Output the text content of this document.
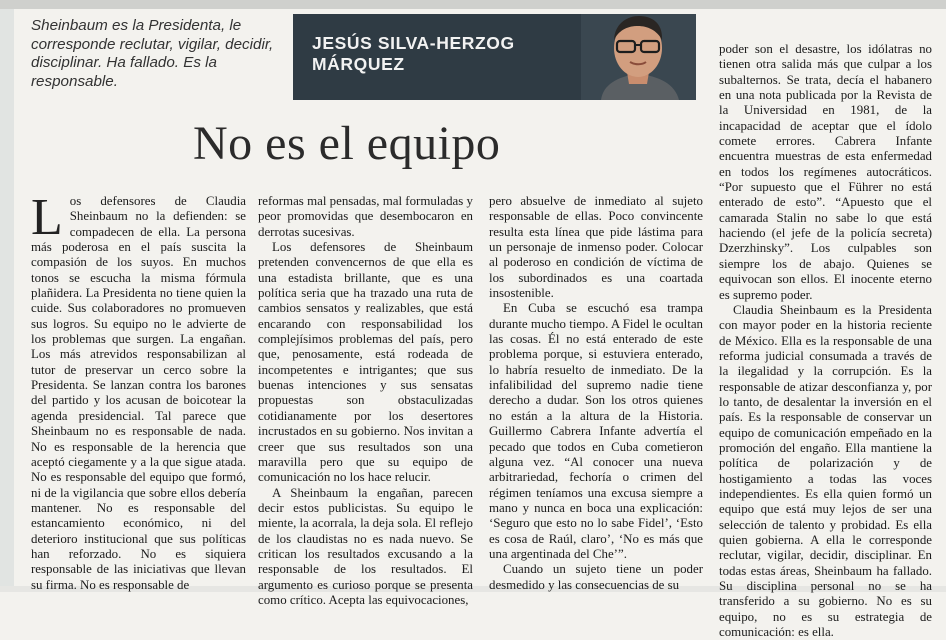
Sheinbaum es la Presidenta, le corresponde reclutar, vigilar, decidir, disciplinar. Ha fallado. Es la responsable.
JESÚS SILVA-HERZOG
MÁRQUEZ
No es el equipo

Los defensores de Claudia Sheinbaum no la defienden: se compadecen de ella. La persona más poderosa en el país suscita la compasión de los suyos. En muchos tonos se escucha la misma fórmula plañidera. La Presidenta no tiene quien la cuide. Sus colaboradores no promueven sus logros. Su equipo no le advierte de los problemas que surgen. La engañan. Los más atrevidos responsabilizan al tutor de preservar un cerco sobre la Presidenta. Se lanzan contra los barones del partido y los acusan de boicotear la agenda presidencial. Tal parece que Sheinbaum no es responsable de nada. No es responsable de la herencia que aceptó ciegamente y a la que sigue atada. No es responsable del equipo que formó, ni de la vigilancia que sobre ellos debería mantener. No es responsable del estancamiento económico, ni del deterioro institucional que sus políticas han reforzado. No es siquiera responsable de las iniciativas que llevan su firma. No es responsable de

reformas mal pensadas, mal formuladas y peor promovidas que desembocaron en derrotas sucesivas.

Los defensores de Sheinbaum pretenden convencernos de que ella es una estadista brillante, que es una política seria que ha trazado una ruta de cambios sensatos y realizables, que está encarando con responsabilidad los complejísimos problemas del país, pero que, penosamente, está rodeada de incompetentes e intrigantes; que sus buenas intenciones y sus sensatas propuestas son obstaculizadas cotidianamente por los desertores incrustados en su gobierno. Nos invitan a creer que sus resultados son una maravilla pero que su equipo de comunicación no los hace relucir.

A Sheinbaum la engañan, parecen decir estos publicistas. Su equipo le miente, la acorrala, la deja sola. El reflejo de los claudistas no es nada nuevo. Se critican los resultados excusando a la responsable de los resultados. El argumento es curioso porque se presenta como crítico. Acepta las equivocaciones,

pero absuelve de inmediato al sujeto responsable de ellas. Poco convincente resulta esta línea que pide lástima para un personaje de inmenso poder. Colocar al poderoso en condición de víctima de los subordinados es una coartada insostenible.

En Cuba se escuchó esa trampa durante mucho tiempo. A Fidel le ocultan las cosas. Él no está enterado de este problema porque, si estuviera enterado, lo habría resuelto de inmediato. De la infalibilidad del supremo nadie tiene derecho a dudar. Son los otros quienes no están a la altura de la Historia. Guillermo Cabrera Infante advertía el pecado que todos en Cuba cometieron alguna vez. “Al conocer una nueva arbitrariedad, fechoría o crimen del régimen teníamos una excusa siempre a mano y nunca en boca una explicación: ‘Seguro que esto no lo sabe Fidel’, ‘Esto es cosa de Raúl, claro’, ‘No es más que una argentinada del Che’”.

Cuando un sujeto tiene un poder desmedido y las consecuencias de su

poder son el desastre, los idólatras no tienen otra salida más que culpar a los subalternos. Se trata, decía el habanero en una nota publicada por la Revista de la Universidad en 1981, de la incapacidad de aceptar que el ídolo comete errores. Cabrera Infante encuentra muestras de esta enfermedad en todos los regímenes autocráticos. “Por supuesto que el Führer no está enterado de esto”. “Apuesto que el camarada Stalin no sabe lo que está haciendo (el jefe de la policía secreta) Dzerzhinsky”. Los culpables son siempre los de abajo. Quienes se equivocan son ellos. El inocente eterno es supremo poder.

Claudia Sheinbaum es la Presidenta con mayor poder en la historia reciente de México. Ella es la responsable de una reforma judicial consumada a través de la ilegalidad y la corrupción. Es la responsable de atizar desconfianza y, por lo tanto, de desalentar la inversión en el país. Es la responsable de conservar un equipo de comunicación empeñado en la promoción del engaño. Ella mantiene la política de polarización y de hostigamiento a todas las voces independientes. Es ella quien formó un equipo que está muy lejos de ser una selección de talento y probidad. Es ella quien gobierna. A ella le corresponde reclutar, vigilar, decidir, disciplinar. En todas estas áreas, Sheinbaum ha fallado. Su disciplina personal no se ha transferido a su gobierno. No es su equipo, no es su estrategia de comunicación: es ella.
